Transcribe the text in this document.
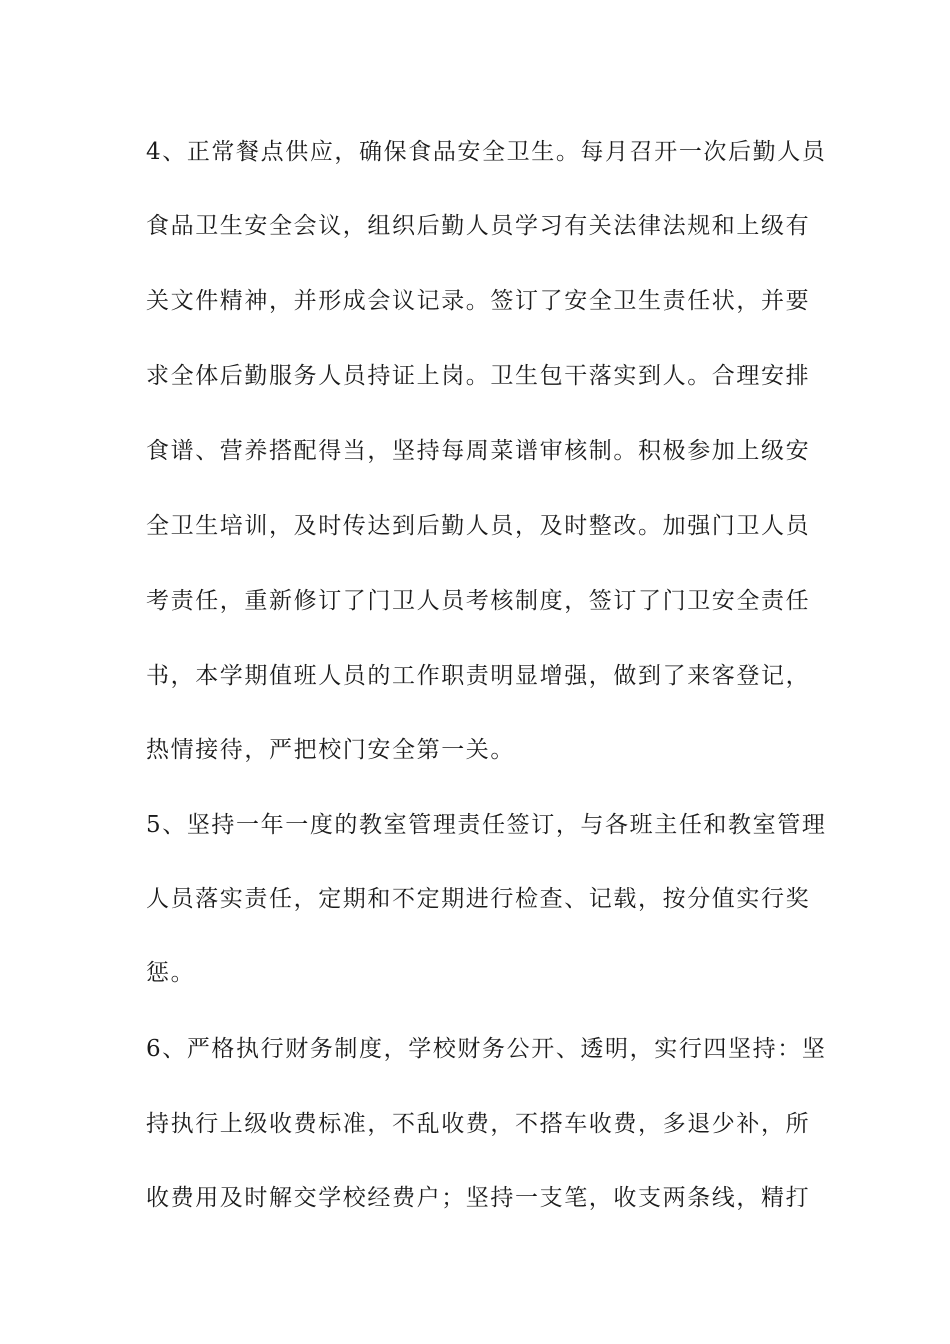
4、正常餐点供应，确保食品安全卫生。每月召开一次后勤人员
食品卫生安全会议，组织后勤人员学习有关法律法规和上级有
关文件精神，并形成会议记录。签订了安全卫生责任状，并要
求全体后勤服务人员持证上岗。卫生包干落实到人。合理安排
食谱、营养搭配得当，坚持每周菜谱审核制。积极参加上级安
全卫生培训，及时传达到后勤人员，及时整改。加强门卫人员
考责任，重新修订了门卫人员考核制度，签订了门卫安全责任
书，本学期值班人员的工作职责明显增强，做到了来客登记，
热情接待，严把校门安全第一关。
5、坚持一年一度的教室管理责任签订，与各班主任和教室管理
人员落实责任，定期和不定期进行检查、记载，按分值实行奖
惩。
6、严格执行财务制度，学校财务公开、透明，实行四坚持：坚
持执行上级收费标准，不乱收费，不搭车收费，多退少补，所
收费用及时解交学校经费户；坚持一支笔，收支两条线，精打
